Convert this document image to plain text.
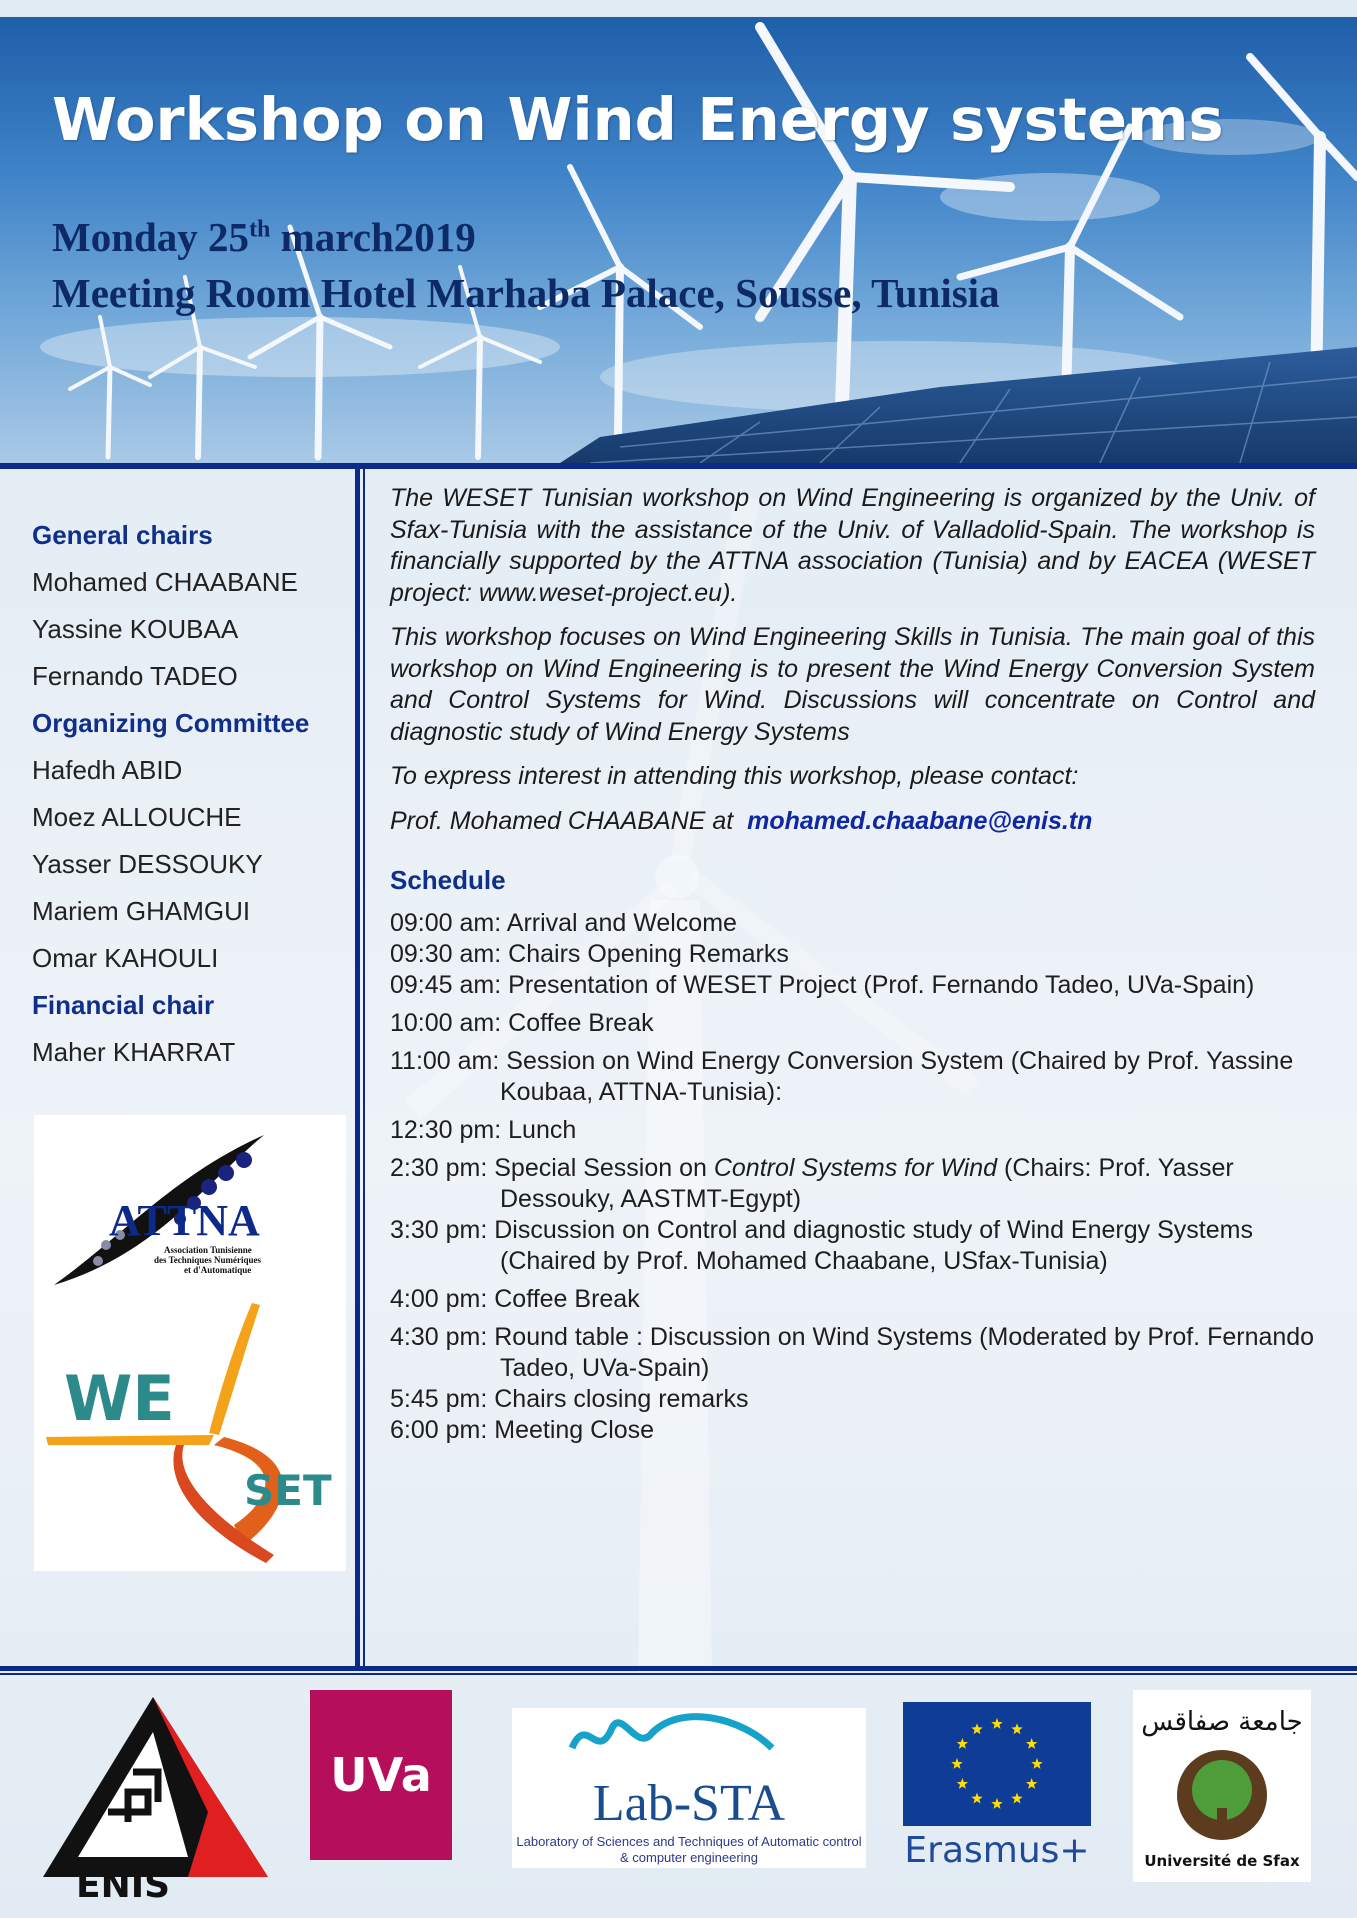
Workshop on Wind Energy systems

Monday 25th march2019

Meeting Room Hotel Marhaba Palace, Sousse, Tunisia

General chairs
Mohamed CHAABANE
Yassine KOUBAA
Fernando TADEO
Organizing Committee
Hafedh ABID
Moez ALLOUCHE
Yasser DESSOUKY
Mariem GHAMGUI
Omar KAHOULI
Financial chair
Maher KHARRAT
ATTNA
Association Tunisienne
des Techniques Numériques
et d'Automatique
WE
SET

The WESET Tunisian workshop on Wind Engineering is organized by the Univ. of Sfax-Tunisia with the assistance of the Univ. of Valladolid-Spain. The workshop is financially supported by the ATTNA association (Tunisia) and by EACEA (WESET project: www.weset-project.eu).

This workshop focuses on Wind Engineering Skills in Tunisia. The main goal of this workshop on Wind Engineering is to present the Wind Energy Conversion System and Control Systems for Wind. Discussions will concentrate on Control and diagnostic study of Wind Energy Systems

To express interest in attending this workshop, please contact:

Prof. Mohamed CHAABANE at mohamed.chaabane@enis.tn

Schedule

09:00 am: Arrival and Welcome

09:30 am: Chairs Opening Remarks

09:45 am: Presentation of WESET Project (Prof. Fernando Tadeo, UVa-Spain)

10:00 am: Coffee Break

11:00 am: Session on Wind Energy Conversion System (Chaired by Prof. Yassine Koubaa, ATTNA-Tunisia):

12:30 pm: Lunch

2:30 pm: Special Session on Control Systems for Wind (Chairs: Prof. Yasser Dessouky, AASTMT-Egypt)

3:30 pm: Discussion on Control and diagnostic study of Wind Energy Systems (Chaired by Prof. Mohamed Chaabane, USfax-Tunisia)

4:00 pm: Coffee Break

4:30 pm: Round table : Discussion on Wind Systems (Moderated by Prof. Fernando Tadeo, UVa-Spain)

5:45 pm: Chairs closing remarks

6:00 pm: Meeting Close

ENIS
UVa	Lab-STA
Laboratory of Sciences and Techniques of Automatic control & computer engineering	Erasmus+
جامعة صفاقس
Université de Sfax
